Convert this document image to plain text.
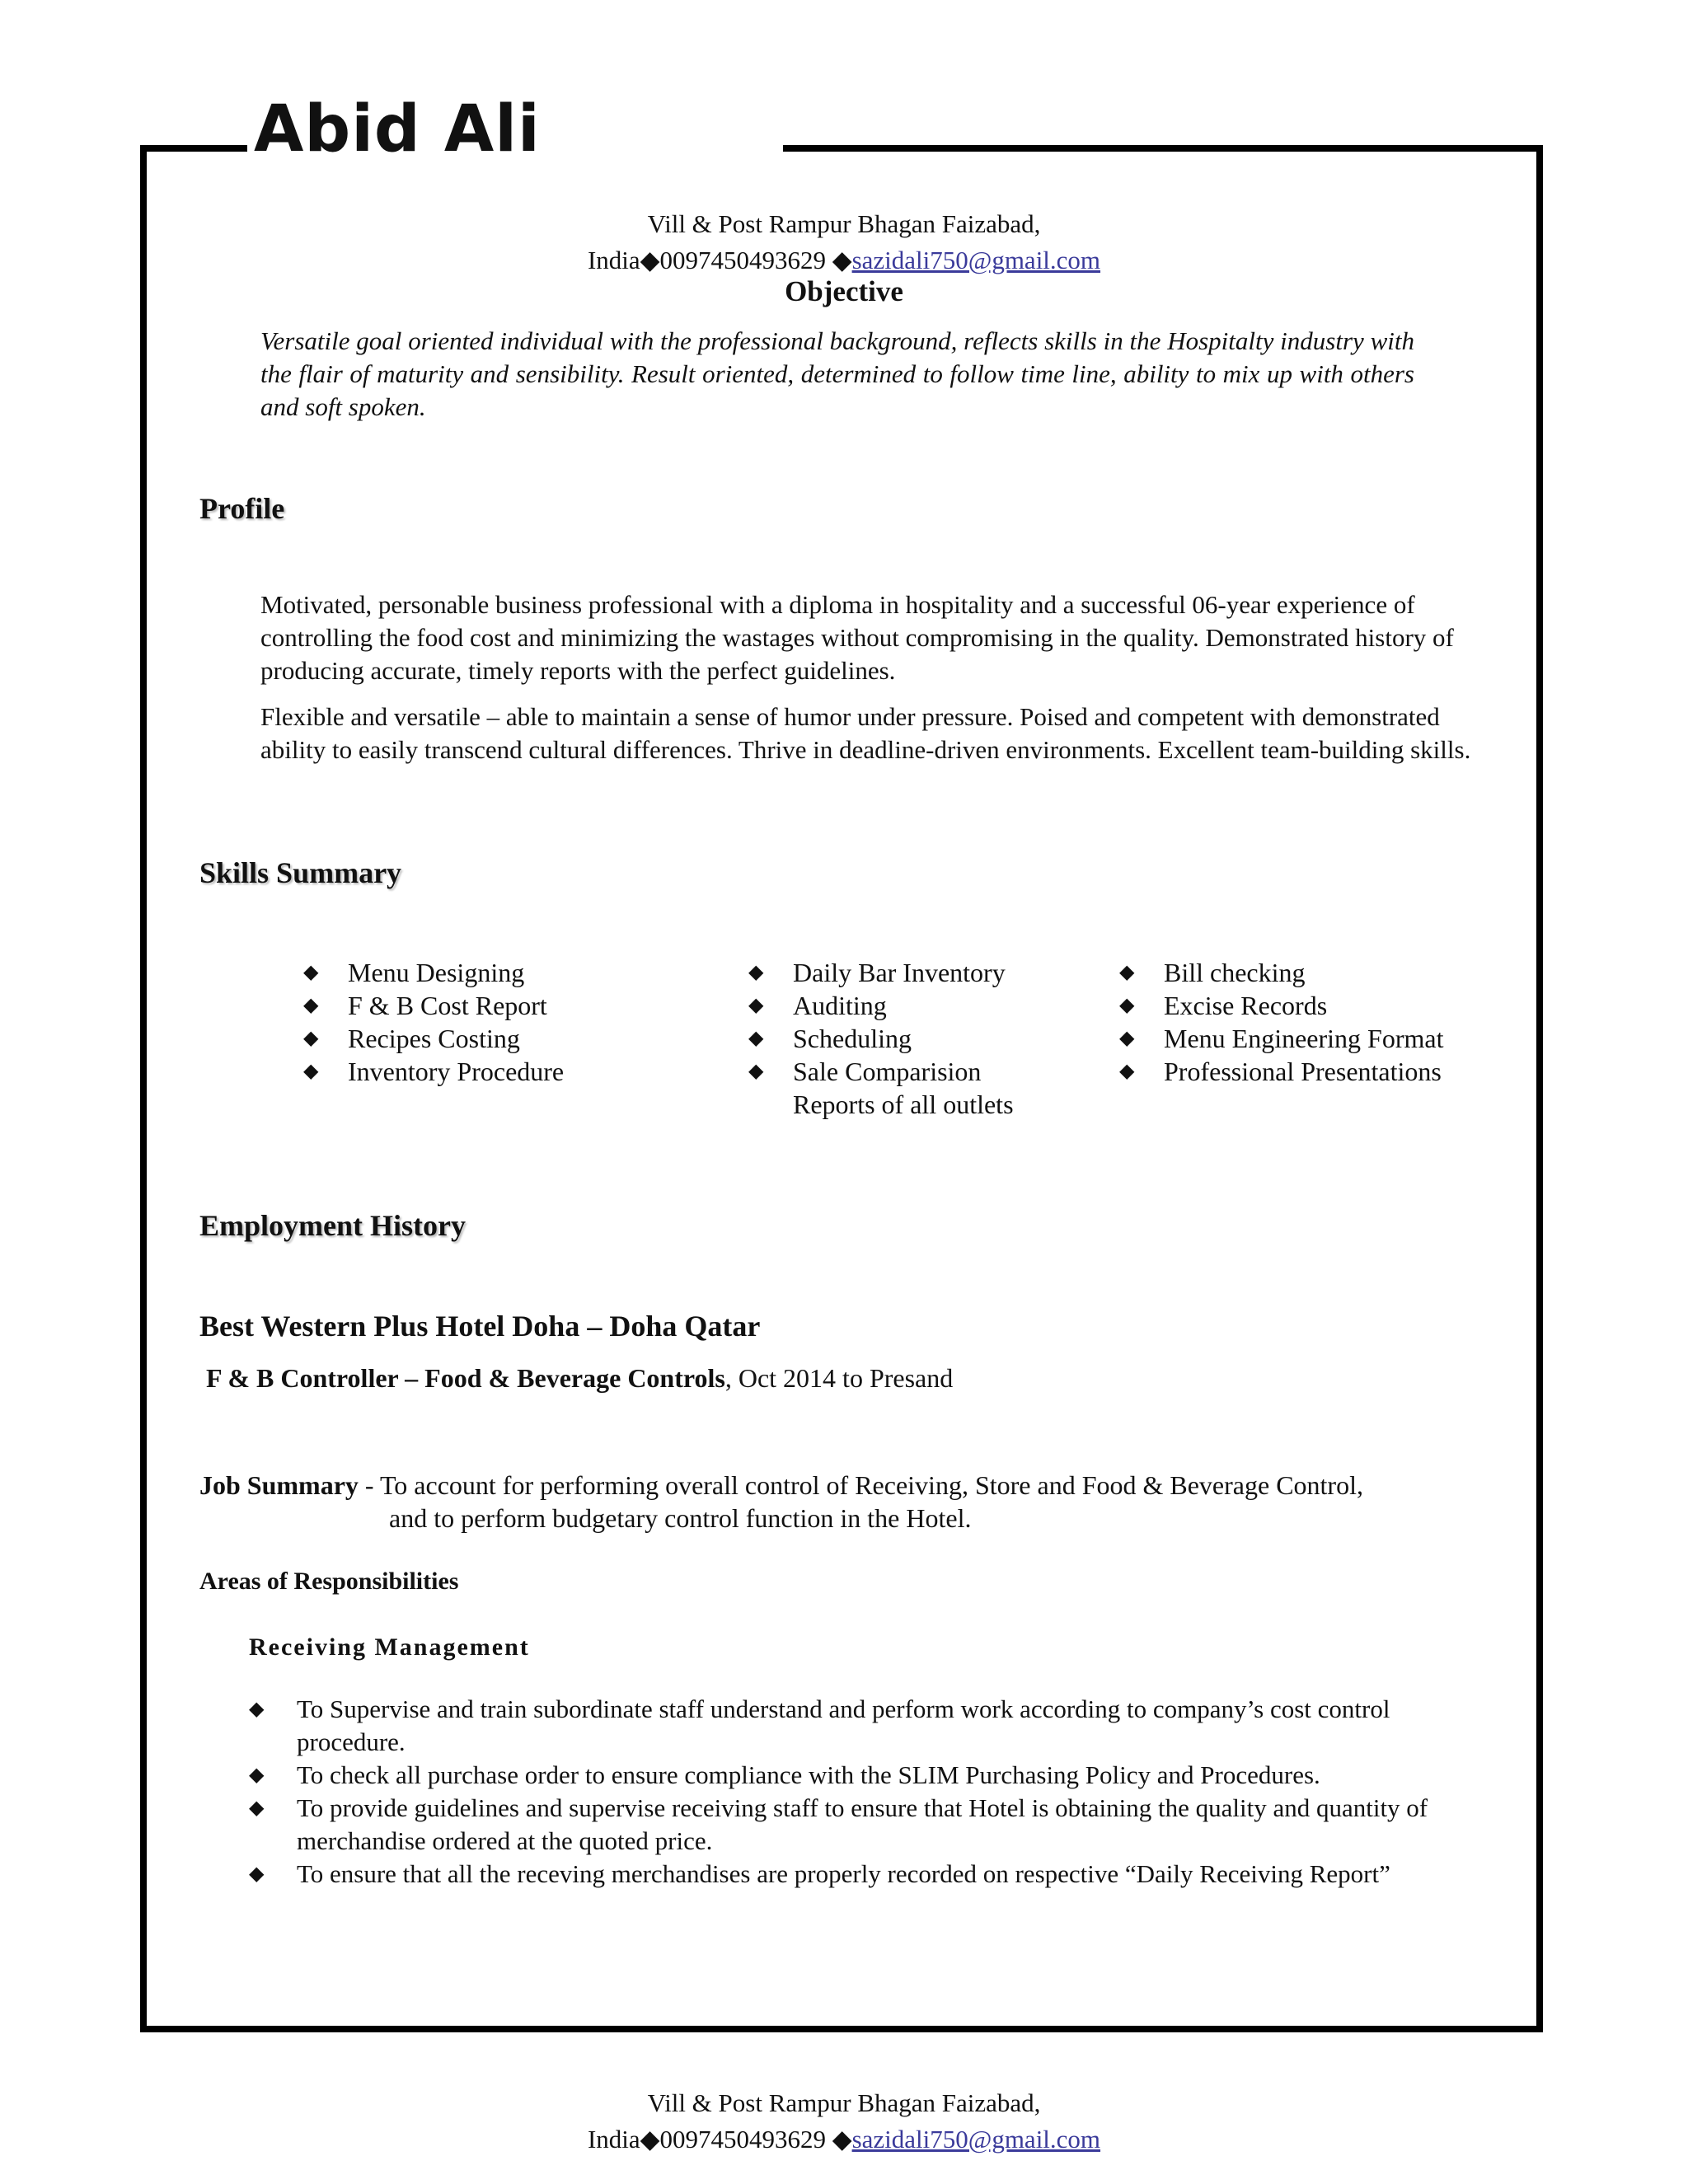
Abid Ali
Vill & Post Rampur Bhagan Faizabad,
India◆0097450493629 ◆sazidali750@gmail.com
Objective
Versatile goal oriented individual with the professional background, reflects skills in the Hospitalty industry with the flair of maturity and sensibility. Result oriented, determined to follow time line, ability to mix up with others and soft spoken.
Profile
Motivated, personable business professional with a diploma in hospitality and a successful 06-year experience of controlling the food cost and minimizing the wastages without compromising in the quality. Demonstrated history of producing accurate, timely reports with the perfect guidelines.
Flexible and versatile – able to maintain a sense of humor under pressure. Poised and competent with demonstrated ability to easily transcend cultural differences. Thrive in deadline-driven environments. Excellent team-building skills.
Skills Summary
◆ Menu Designing
◆ F & B Cost Report
◆ Recipes Costing
◆ Inventory Procedure
◆ Daily Bar Inventory
◆ Auditing
◆ Scheduling
◆ Sale Comparision Reports of all outlets
◆ Bill checking
◆ Excise Records
◆ Menu Engineering Format
◆ Professional Presentations
Employment History
Best Western Plus Hotel Doha – Doha Qatar
F & B Controller – Food & Beverage Controls, Oct 2014 to Presand
Job Summary - To account for performing overall control of Receiving, Store and Food & Beverage Control,
and to perform budgetary control function in the Hotel.
Areas of Responsibilities
Receiving Management
◆ To Supervise and train subordinate staff understand and perform work according to company’s cost control procedure.
◆ To check all purchase order to ensure compliance with the SLIM Purchasing Policy and Procedures.
◆ To provide guidelines and supervise receiving staff to ensure that Hotel is obtaining the quality and quantity of merchandise ordered at the quoted price.
◆ To ensure that all the receving merchandises are properly recorded on respective “Daily Receiving Report”
Vill & Post Rampur Bhagan Faizabad,
India◆0097450493629 ◆sazidali750@gmail.com
